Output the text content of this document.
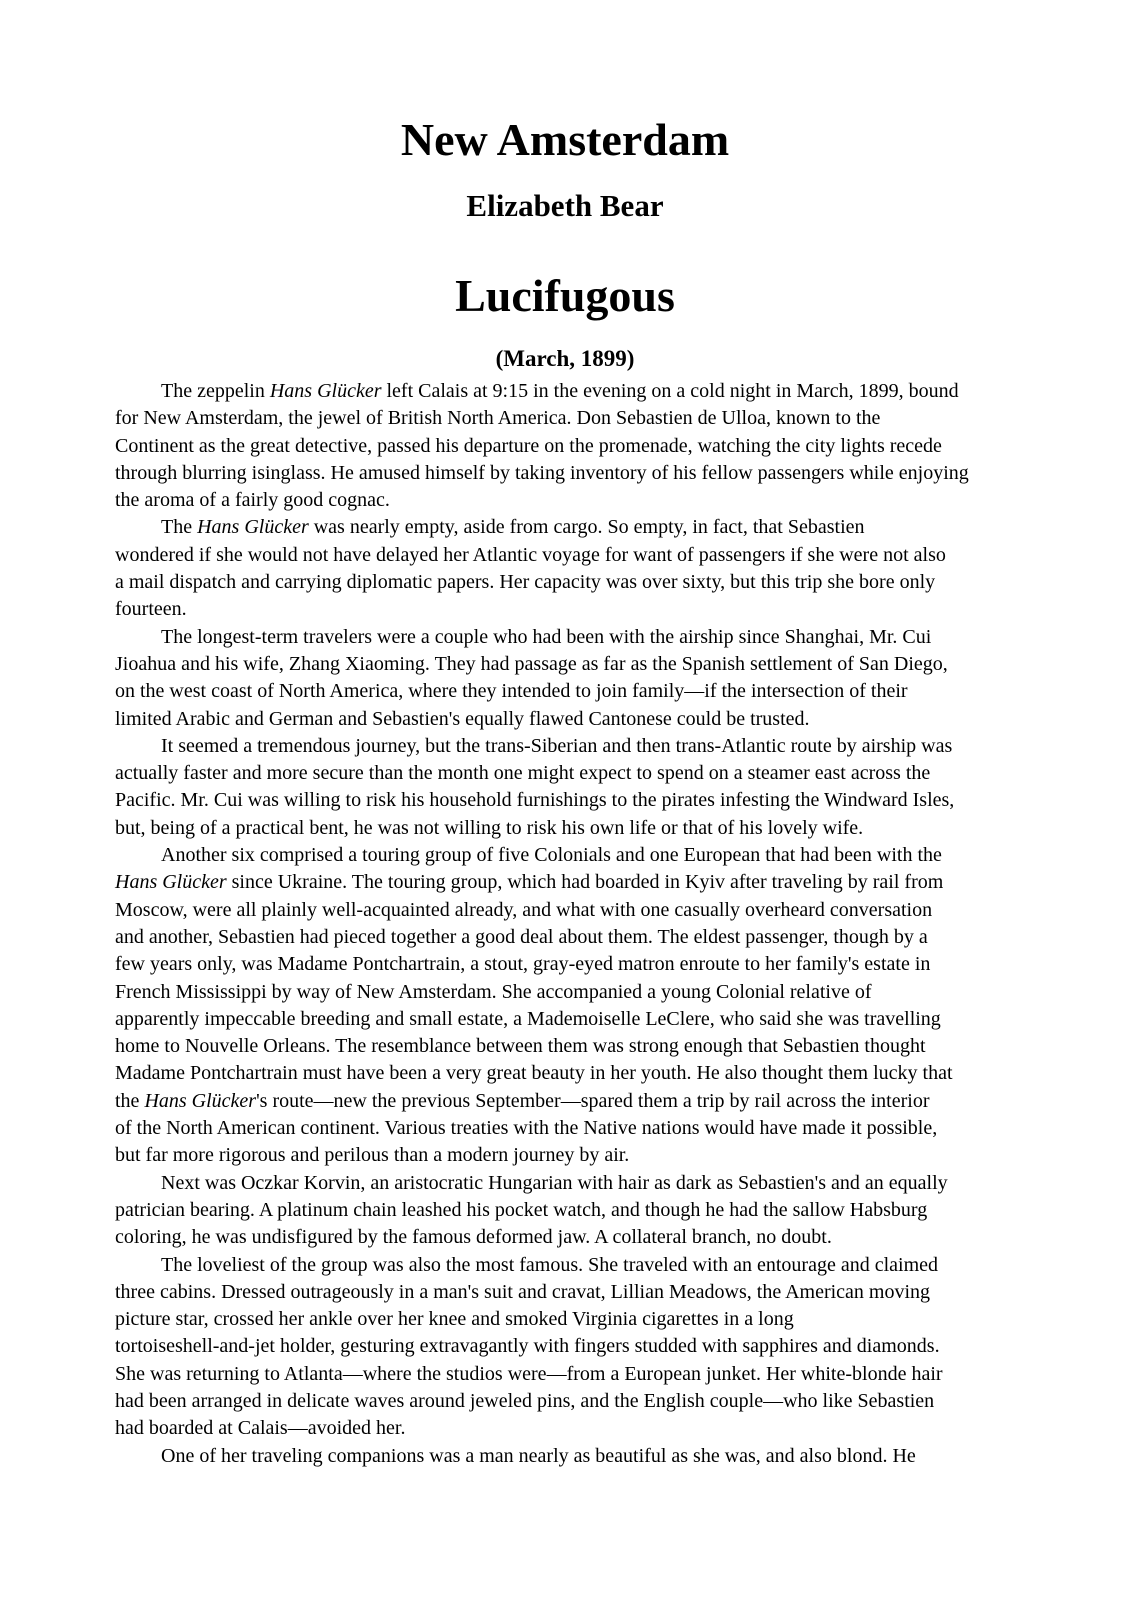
New Amsterdam
Elizabeth Bear
Lucifugous
(March, 1899)

The zeppelin Hans Glücker left Calais at 9:15 in the evening on a cold night in March, 1899, bound
for New Amsterdam, the jewel of British North America. Don Sebastien de Ulloa, known to the
Continent as the great detective, passed his departure on the promenade, watching the city lights recede
through blurring isinglass. He amused himself by taking inventory of his fellow passengers while enjoying
the aroma of a fairly good cognac.

The Hans Glücker was nearly empty, aside from cargo. So empty, in fact, that Sebastien
wondered if she would not have delayed her Atlantic voyage for want of passengers if she were not also
a mail dispatch and carrying diplomatic papers. Her capacity was over sixty, but this trip she bore only
fourteen.

The longest-term travelers were a couple who had been with the airship since Shanghai, Mr. Cui
Jioahua and his wife, Zhang Xiaoming. They had passage as far as the Spanish settlement of San Diego,
on the west coast of North America, where they intended to join family—if the intersection of their
limited Arabic and German and Sebastien's equally flawed Cantonese could be trusted.

It seemed a tremendous journey, but the trans-Siberian and then trans-Atlantic route by airship was
actually faster and more secure than the month one might expect to spend on a steamer east across the
Pacific. Mr. Cui was willing to risk his household furnishings to the pirates infesting the Windward Isles,
but, being of a practical bent, he was not willing to risk his own life or that of his lovely wife.

Another six comprised a touring group of five Colonials and one European that had been with the
Hans Glücker since Ukraine. The touring group, which had boarded in Kyiv after traveling by rail from
Moscow, were all plainly well-acquainted already, and what with one casually overheard conversation
and another, Sebastien had pieced together a good deal about them. The eldest passenger, though by a
few years only, was Madame Pontchartrain, a stout, gray-eyed matron enroute to her family's estate in
French Mississippi by way of New Amsterdam. She accompanied a young Colonial relative of
apparently impeccable breeding and small estate, a Mademoiselle LeClere, who said she was travelling
home to Nouvelle Orleans. The resemblance between them was strong enough that Sebastien thought
Madame Pontchartrain must have been a very great beauty in her youth. He also thought them lucky that
the Hans Glücker's route—new the previous September—spared them a trip by rail across the interior
of the North American continent. Various treaties with the Native nations would have made it possible,
but far more rigorous and perilous than a modern journey by air.

Next was Oczkar Korvin, an aristocratic Hungarian with hair as dark as Sebastien's and an equally
patrician bearing. A platinum chain leashed his pocket watch, and though he had the sallow Habsburg
coloring, he was undisfigured by the famous deformed jaw. A collateral branch, no doubt.

The loveliest of the group was also the most famous. She traveled with an entourage and claimed
three cabins. Dressed outrageously in a man's suit and cravat, Lillian Meadows, the American moving
picture star, crossed her ankle over her knee and smoked Virginia cigarettes in a long
tortoiseshell-and-jet holder, gesturing extravagantly with fingers studded with sapphires and diamonds.
She was returning to Atlanta—where the studios were—from a European junket. Her white-blonde hair
had been arranged in delicate waves around jeweled pins, and the English couple—who like Sebastien
had boarded at Calais—avoided her.

One of her traveling companions was a man nearly as beautiful as she was, and also blond. He
